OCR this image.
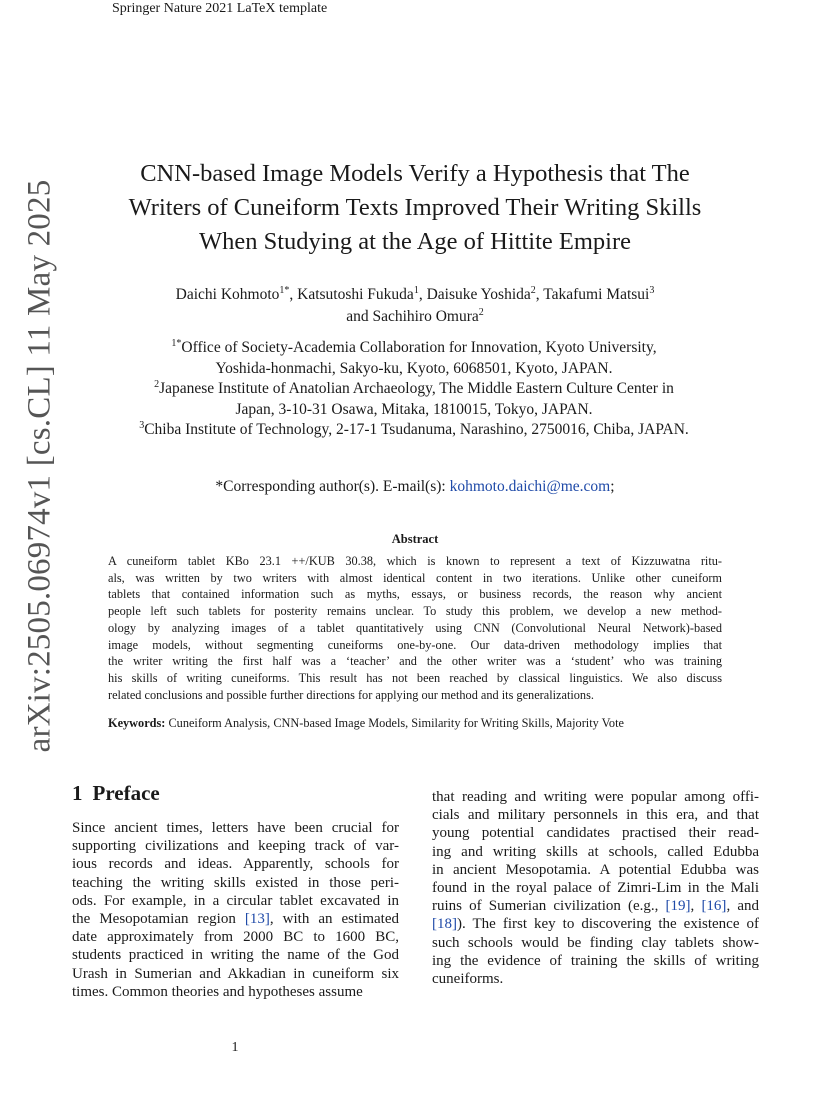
Springer Nature 2021 LaTeX template
arXiv:2505.06974v1 [cs.CL] 11 May 2025
CNN-based Image Models Verify a Hypothesis that The
Writers of Cuneiform Texts Improved Their Writing Skills
When Studying at the Age of Hittite Empire
Daichi Kohmoto$^{1*}$, Katsutoshi Fukuda$^1$, Daisuke Yoshida$^2$, Takafumi Matsui$^3$
and Sachihiro Omura$^2$
$^{1*}$Office of Society-Academia Collaboration for Innovation, Kyoto University,
Yoshida-honmachi, Sakyo-ku, Kyoto, 6068501, Kyoto, JAPAN.
$^2$Japanese Institute of Anatolian Archaeology, The Middle Eastern Culture Center in
Japan, 3-10-31 Osawa, Mitaka, 1810015, Tokyo, JAPAN.
$^3$Chiba Institute of Technology, 2-17-1 Tsudanuma, Narashino, 2750016, Chiba, JAPAN.
*Corresponding author(s). E-mail(s): kohmoto.daichi@me.com;
Abstract
A cuneiform tablet KBo 23.1 ++/KUB 30.38, which is known to represent a text of Kizzuwatna ritu-
als, was written by two writers with almost identical content in two iterations. Unlike other cuneiform
tablets that contained information such as myths, essays, or business records, the reason why ancient
people left such tablets for posterity remains unclear. To study this problem, we develop a new method-
ology by analyzing images of a tablet quantitatively using CNN (Convolutional Neural Network)-based
image models, without segmenting cuneiforms one-by-one. Our data-driven methodology implies that
the writer writing the first half was a ‘teacher’ and the other writer was a ‘student’ who was training
his skills of writing cuneiforms. This result has not been reached by classical linguistics. We also discuss
related conclusions and possible further directions for applying our method and its generalizations.
Keywords: Cuneiform Analysis, CNN-based Image Models, Similarity for Writing Skills, Majority Vote
1 Preface
Since ancient times, letters have been crucial for
supporting civilizations and keeping track of var-
ious records and ideas. Apparently, schools for
teaching the writing skills existed in those peri-
ods. For example, in a circular tablet excavated in
the Mesopotamian region [13], with an estimated
date approximately from 2000 BC to 1600 BC,
students practiced in writing the name of the God
Urash in Sumerian and Akkadian in cuneiform six
times. Common theories and hypotheses assume
that reading and writing were popular among offi-
cials and military personnels in this era, and that
young potential candidates practised their read-
ing and writing skills at schools, called Edubba
in ancient Mesopotamia. A potential Edubba was
found in the royal palace of Zimri-Lim in the Mali
ruins of Sumerian civilization (e.g., [19], [16], and
[18]). The first key to discovering the existence of
such schools would be finding clay tablets show-
ing the evidence of training the skills of writing
cuneiforms.
1
